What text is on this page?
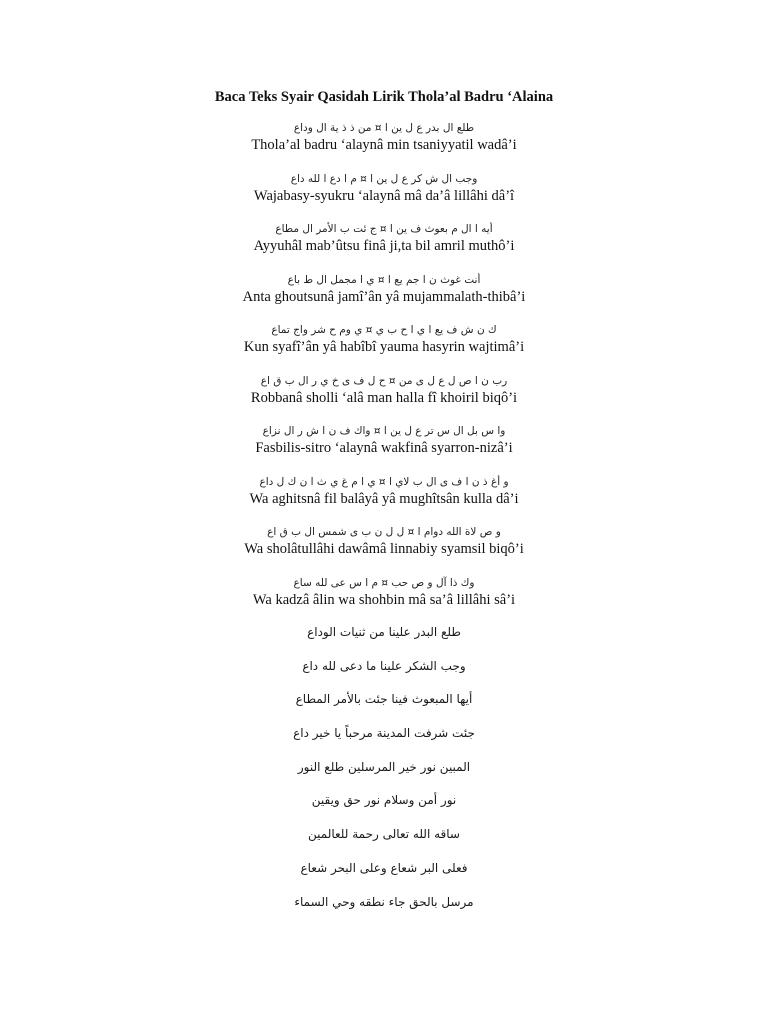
Baca Teks Syair Qasidah Lirik Thola’al Badru ‘Alaina
طلع ال بدر ع ل ين ا ¤ من ذ ذ ية ال وداع
Thola’al badru ‘alaynâ min tsaniyyatil wadâ’i
وجب ال ش كر ع ل ين ا ¤ م ا دع ا لله داع
Wajabasy-syukru ‘alaynâ mâ da’â lillâhi dâ’î
أيه ا ال م بعوث ف ين ا ¤ ج ئت ب الأمر ال مطاع
Ayyuhâl mab’ûtsu finâ ji,ta bil amril muthô’i
أنت غوث ن ا جم يع ا ¤ ي ا مجمل ال ط باع
Anta ghoutsunâ jamî’ân yâ mujammalath-thibâ’i
ك ن ش ف يع ا ي ا ح ب ي ¤ ي وم ح شر واج تماع
Kun syafî’ân yâ habîbî yauma hasyrin wajtimâ’i
رب ن ا ص ل ع ل ى من ¤ ح ل ف ى خ ي ر ال ب ق اع
Robbanâ sholli ‘alâ man halla fî khoiril biqô’i
وا س بل ال س تر ع ل ين ا ¤ واك ف ن ا ش ر ال نزاع
Fasbilis-sitro ‘alaynâ wakfinâ syarron-nizâ’i
و أغ ذ ن ا ف ى ال ب لاي ا ¤ ي ا م غ ي ث ا ن ك ل داع
Wa aghitsnâ fil balâyâ yâ mughîtsân kulla dâ’i
و ص لاة الله دوام ا ¤ ل ل ن ب ى شمس ال ب ق اع
Wa sholâtullâhi dawâmâ linnabiy syamsil biqô’i
وك ذا آل و ص حب ¤ م ا س عى لله ساع
Wa kadzâ âlin wa shohbin mâ sa’â lillâhi sâ’i
طلع البدر علينا من ثنيات الوداع
وجب الشكر علينا ما دعى لله داع
أيها المبعوث فينا جئت بالأمر المطاع
جئت شرفت المدينة مرحباً يا خير داع
المبين نور خير المرسلين طلع النور
نور أمن وسلام نور حق ويقين
ساقه الله تعالى رحمة للعالمين
فعلى البر شعاع وعلى البحر شعاع
مرسل بالحق جاء نطقه وحي السماء
